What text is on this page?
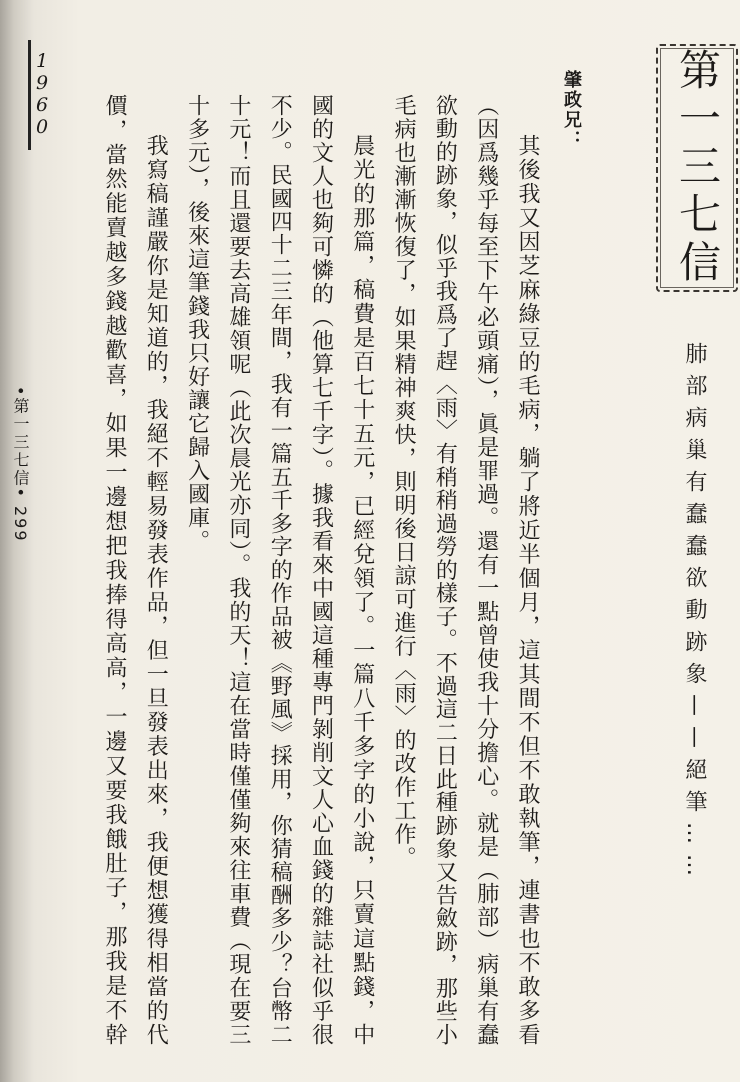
第一三七信
肺部病巢有蠢蠢欲動跡象——絕筆……
肇政兄：
1960
•第一三七信• 299	其後我又因芝麻綠豆的毛病，躺了將近半個月，這其間不但不敢執筆，連書也不敢多看
（因爲幾乎每至下午必頭痛），眞是罪過。還有一點曾使我十分擔心。就是（肺部）病巢有蠢
欲動的跡象，似乎我爲了趕〈雨〉有稍稍過勞的樣子。不過這二日此種跡象又告斂跡，那些小
毛病也漸漸恢復了，如果精神爽快，則明後日諒可進行〈雨〉的改作工作。
晨光的那篇，稿費是百七十五元，已經兌領了。一篇八千多字的小說，只賣這點錢，中
國的文人也夠可憐的（他算七千字）。據我看來中國這種專門剝削文人心血錢的雜誌社似乎很
不少。民國四十二三年間，我有一篇五千多字的作品被《野風》採用，你猜稿酬多少？台幣二
十元！而且還要去高雄領呢（此次晨光亦同）。我的天！這在當時僅僅夠來往車費（現在要三
十多元），後來這筆錢我只好讓它歸入國庫。
我寫稿謹嚴你是知道的，我絕不輕易發表作品，但一旦發表出來，我便想獲得相當的代
價，當然能賣越多錢越歡喜，如果一邊想把我捧得高高，一邊又要我餓肚子，那我是不幹
